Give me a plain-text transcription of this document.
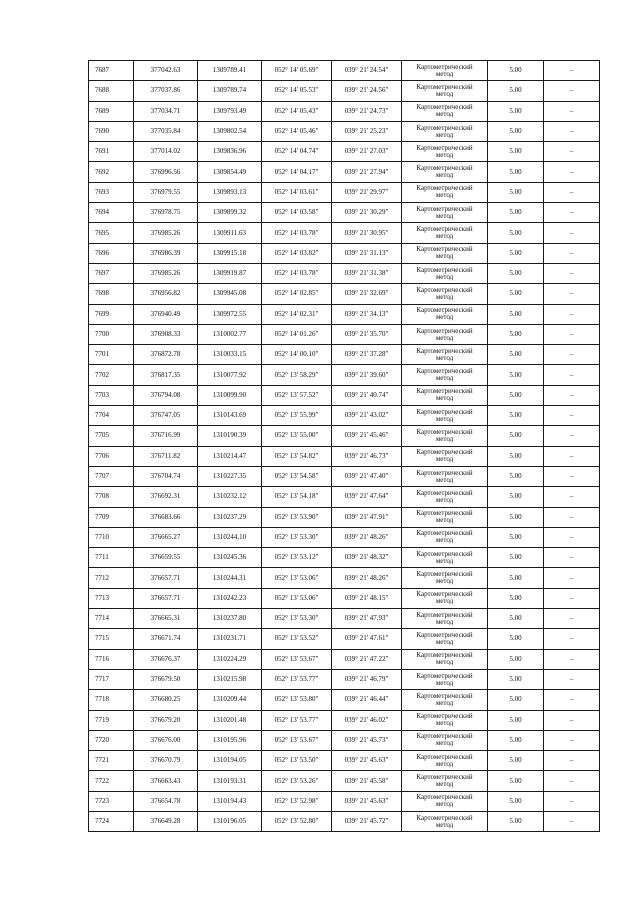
7687	377042.63	1309789.41	052° 14' 05.69"	039° 21' 24.54"	Картометрический
метод	5.00	–
7688	377037.86	1309789.74	052° 14' 05.53"	039° 21' 24.56"	Картометрический
метод	5.00	–
7689	377034.71	1309793.49	052° 14' 05.43"	039° 21' 24.73"	Картометрический
метод	5.00	–
7690	377035.84	1309802.54	052° 14' 05.46"	039° 21' 25.23"	Картометрический
метод	5.00	–
7691	377014.02	1309836.96	052° 14' 04.74"	039° 21' 27.03"	Картометрический
метод	5.00	–
7692	376996.56	1309854.49	052° 14' 04.17"	039° 21' 27.94"	Картометрический
метод	5.00	–
7693	376979.55	1309893.13	052° 14' 03.61"	039° 21' 29.97"	Картометрический
метод	5.00	–
7694	376978.75	1309899.32	052° 14' 03.58"	039° 21' 30.29"	Картометрический
метод	5.00	–
7695	376985.26	1309911.63	052° 14' 03.78"	039° 21' 30.95"	Картометрический
метод	5.00	–
7696	376986.39	1309915.18	052° 14' 03.82"	039° 21' 31.13"	Картометрический
метод	5.00	–
7697	376985.26	1309919.87	052° 14' 03.78"	039° 21' 31.38"	Картометрический
метод	5.00	–
7698	376956.82	1309945.08	052° 14' 02.85"	039° 21' 32.69"	Картометрический
метод	5.00	–
7699	376940.49	1309972.55	052° 14' 02.31"	039° 21' 34.13"	Картометрический
метод	5.00	–
7700	376908.33	1310002.77	052° 14' 01.26"	039° 21' 35.70"	Картометрический
метод	5.00	–
7701	376872.78	1310033.15	052° 14' 00.10"	039° 21' 37.28"	Картометрический
метод	5.00	–
7702	376817.35	1310077.92	052° 13' 58.29"	039° 21' 39.60"	Картометрический
метод	5.00	–
7703	376794.08	1310099.90	052° 13' 57.52"	039° 21' 40.74"	Картометрический
метод	5.00	–
7704	376747.05	1310143.69	052° 13' 55.99"	039° 21' 43.02"	Картометрический
метод	5.00	–
7705	376716.99	1310190.39	052° 13' 55.00"	039° 21' 45.46"	Картометрический
метод	5.00	–
7706	376711.82	1310214.47	052° 13' 54.82"	039° 21' 46.73"	Картометрический
метод	5.00	–
7707	376704.74	1310227.35	052° 13' 54.58"	039° 21' 47.40"	Картометрический
метод	5.00	–
7708	376692.31	1310232.12	052° 13' 54.18"	039° 21' 47.64"	Картометрический
метод	5.00	–
7709	376683.66	1310237.29	052° 13' 53.90"	039° 21' 47.91"	Картометрический
метод	5.00	–
7710	376665.27	1310244.10	052° 13' 53.30"	039° 21' 48.26"	Картометрический
метод	5.00	–
7711	376659.55	1310245.36	052° 13' 53.12"	039° 21' 48.32"	Картометрический
метод	5.00	–
7712	376657.71	1310244.31	052° 13' 53.06"	039° 21' 48.26"	Картометрический
метод	5.00	–
7713	376657.71	1310242.23	052° 13' 53.06"	039° 21' 48.15"	Картометрический
метод	5.00	–
7714	376665.31	1310237.80	052° 13' 53.30"	039° 21' 47.93"	Картометрический
метод	5.00	–
7715	376671.74	1310231.71	052° 13' 53.52"	039° 21' 47.61"	Картометрический
метод	5.00	–
7716	376676.37	1310224.29	052° 13' 53.67"	039° 21' 47.22"	Картометрический
метод	5.00	–
7717	376679.50	1310215.98	052° 13' 53.77"	039° 21' 46.79"	Картометрический
метод	5.00	–
7718	376680.25	1310209.44	052° 13' 53.80"	039° 21' 46.44"	Картометрический
метод	5.00	–
7719	376679.20	1310201.48	052° 13' 53.77"	039° 21' 46.02"	Картометрический
метод	5.00	–
7720	376676.00	1310195.96	052° 13' 53.67"	039° 21' 45.73"	Картометрический
метод	5.00	–
7721	376670.79	1310194.05	052° 13' 53.50"	039° 21' 45.63"	Картометрический
метод	5.00	–
7722	376663.43	1310193.31	052° 13' 53.26"	039° 21' 45.58"	Картометрический
метод	5.00	–
7723	376654.78	1310194.43	052° 13' 52.98"	039° 21' 45.63"	Картометрический
метод	5.00	–
7724	376649.28	1310196.05	052° 13' 52.80"	039° 21' 45.72"	Картометрический
метод	5.00	–
